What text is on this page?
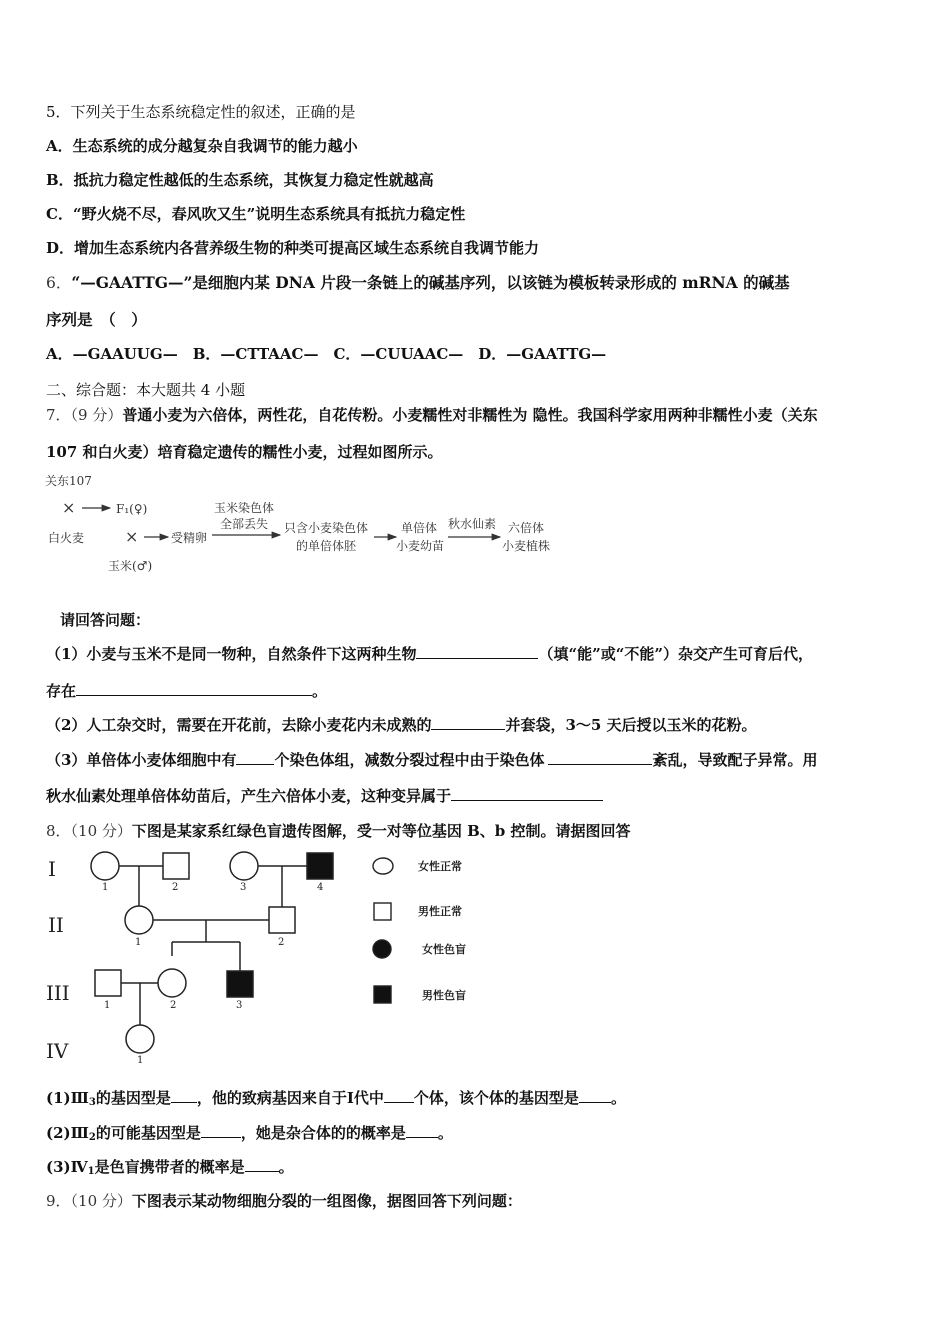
5．下列关于生态系统稳定性的叙述，正确的是
A．生态系统的成分越复杂自我调节的能力越小
B．抵抗力稳定性越低的生态系统，其恢复力稳定性就越高
C．“野火烧不尽，春风吹又生”说明生态系统具有抵抗力稳定性
D．增加生态系统内各营养级生物的种类可提高区域生态系统自我调节能力
6．“—GAATTG—”是细胞内某 DNA 片段一条链上的碱基序列，以该链为模板转录形成的 mRNA 的碱基
序列是　（　）
A．—GAAUUG—　B．—CTTAAC—　C．—CUUAAC—　D．—GAATTG—
二、综合题：本大题共 4 小题
7．（9 分）普通小麦为六倍体，两性花，自花传粉。小麦糯性对非糯性为 隐性。我国科学家用两种非糯性小麦（关东
107 和白火麦）培育稳定遗传的糯性小麦，过程如图所示。
关东107
×	F₁(♀)
白火麦	×	受精卵
玉米(♂)
玉米染色体
全部丢失 只含小麦染色体
的单倍体胚
单倍体
小麦幼苗
秋水仙素 六倍体
小麦植株
请回答问题：
（1）小麦与玉米不是同一物种，自然条件下这两种生物	（填“能”或“不能”）杂交产生可育后代，
存在	。
（2）人工杂交时，需要在开花前，去除小麦花内未成熟的	并套袋，3～5 天后授以玉米的花粉。
（3）单倍体小麦体细胞中有	个染色体组，减数分裂过程中由于染色体	紊乱，导致配子异常。用
秋水仙素处理单倍体幼苗后，产生六倍体小麦，这种变异属于
8．（10 分）下图是某家系红绿色盲遗传图解，受一对等位基因 B、b 控制。请据图回答
I
II
III
IV
1	2	3	4
1	2
1	2	3
1
女性正常
男性正常
女性色盲
男性色盲
$(1)Ⅲ_3$的基因型是 ，他的致病基因来自于Ⅰ代中 个体，该个体的基因型是 。
$(2)Ⅲ_2$的可能基因型是	，她是杂合体的的概率是 。
$(3)Ⅳ_1$是色盲携带者的概率是 。
9．（10 分）下图表示某动物细胞分裂的一组图像，据图回答下列问题：
